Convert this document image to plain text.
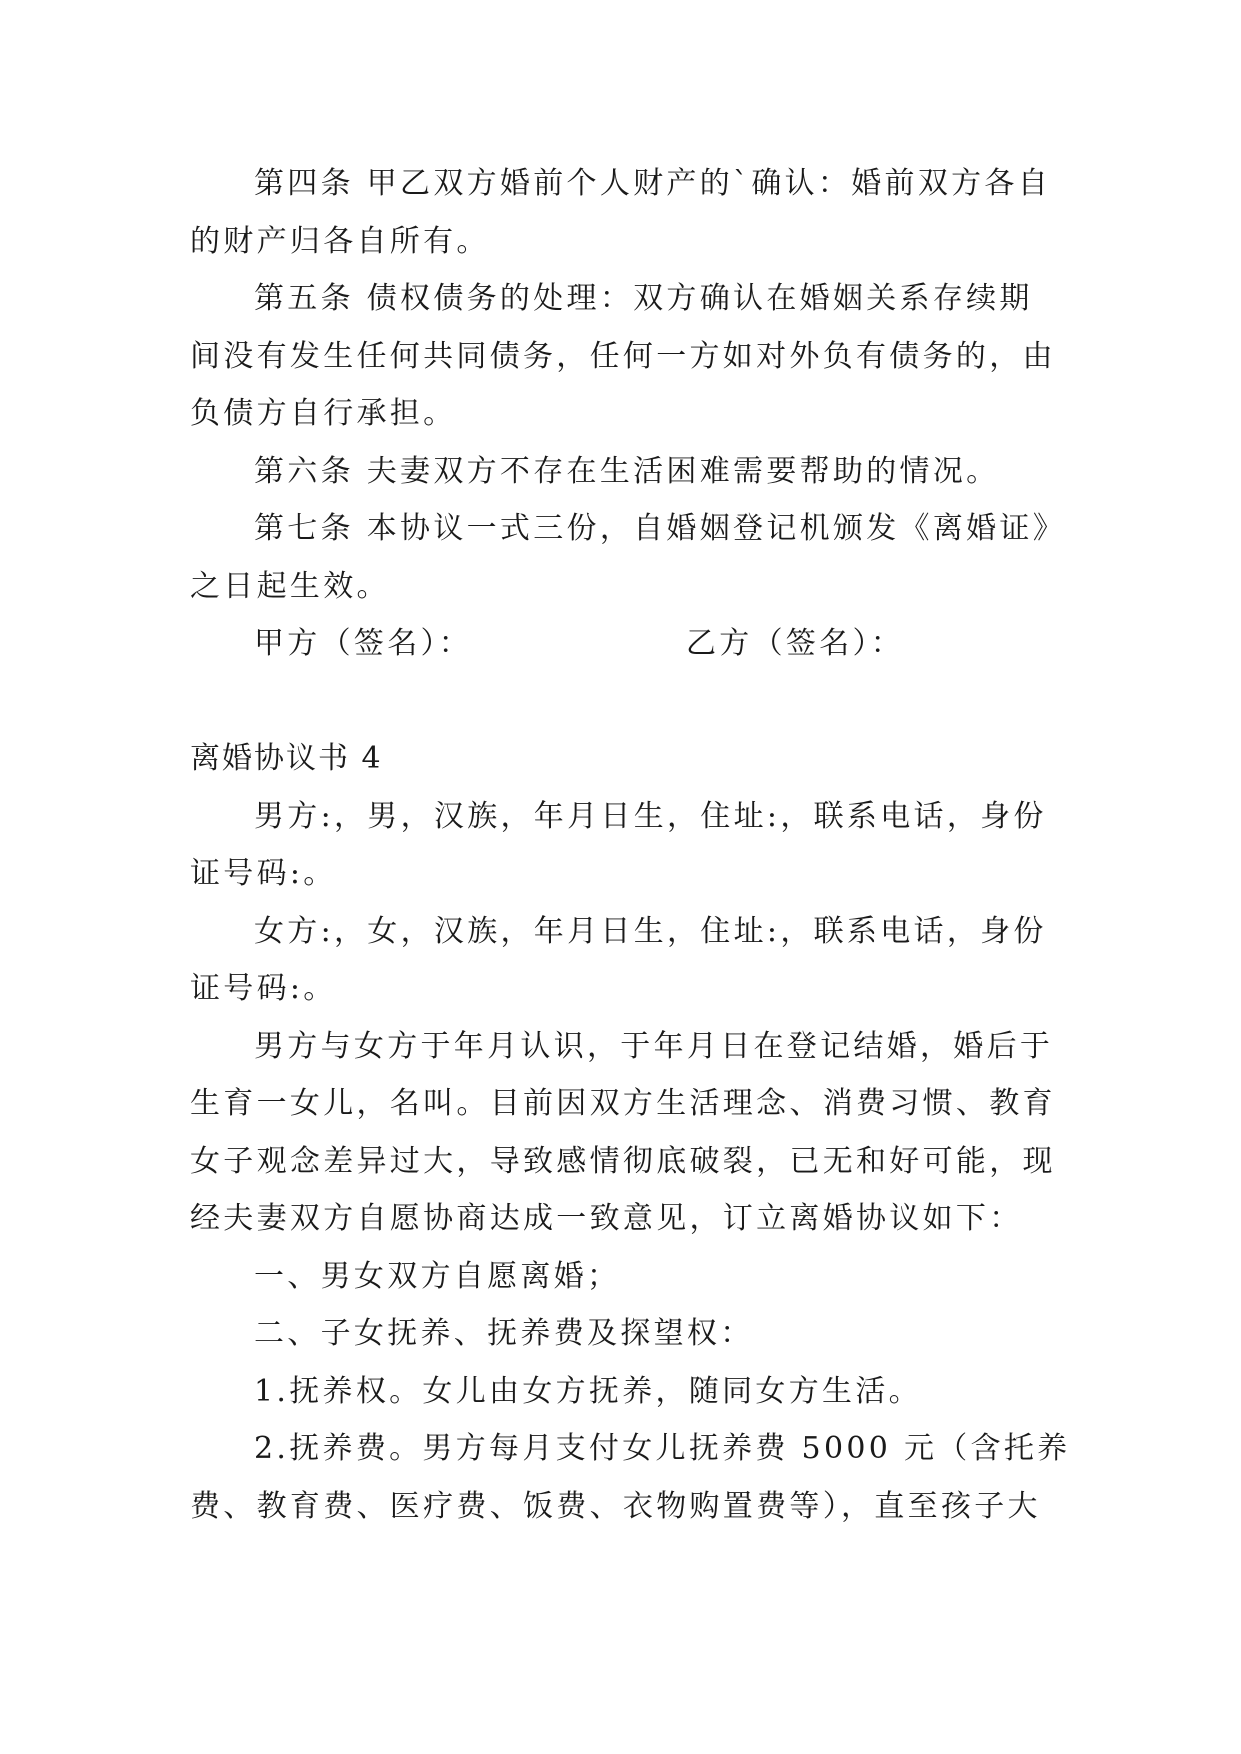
第四条 甲乙双方婚前个人财产的`确认：婚前双方各自
的财产归各自所有。
第五条 债权债务的处理：双方确认在婚姻关系存续期
间没有发生任何共同债务，任何一方如对外负有债务的，由
负债方自行承担。
第六条 夫妻双方不存在生活困难需要帮助的情况。
第七条 本协议一式三份，自婚姻登记机颁发《离婚证》
之日起生效。
甲方（签名）：	乙方（签名）：
离婚协议书 4
男方:，男，汉族，年月日生，住址:，联系电话，身份
证号码:。
女方:，女，汉族，年月日生，住址:，联系电话，身份
证号码:。
男方与女方于年月认识，于年月日在登记结婚，婚后于
生育一女儿，名叫。目前因双方生活理念、消费习惯、教育
女子观念差异过大，导致感情彻底破裂，已无和好可能，现
经夫妻双方自愿协商达成一致意见，订立离婚协议如下：
一、男女双方自愿离婚；
二、子女抚养、抚养费及探望权：
1.抚养权。女儿由女方抚养，随同女方生活。
2.抚养费。男方每月支付女儿抚养费 5000 元（含托养
费、教育费、医疗费、饭费、衣物购置费等），直至孩子大
